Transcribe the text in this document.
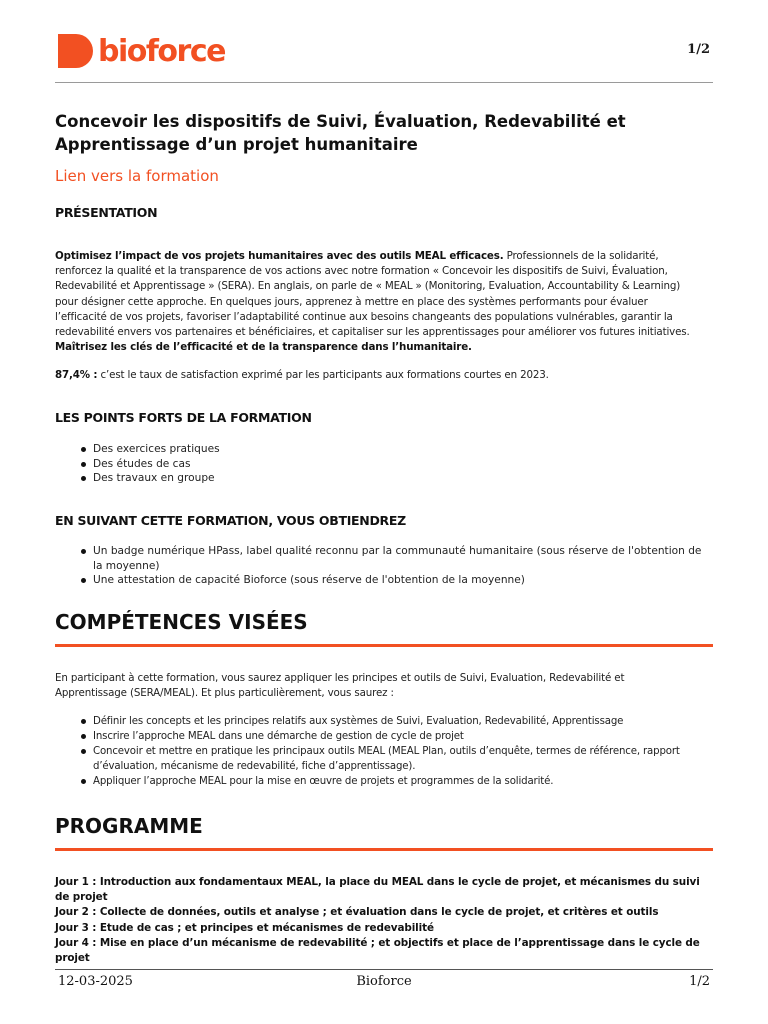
bioforce	1/2
Concevoir les dispositifs de Suivi, Évaluation, Redevabilité et Apprentissage d’un projet humanitaire
Lien vers la formation
PRÉSENTATION

Optimisez l’impact de vos projets humanitaires avec des outils MEAL efficaces. Professionnels de la solidarité, renforcez la qualité et la transparence de vos actions avec notre formation « Concevoir les dispositifs de Suivi, Évaluation, Redevabilité et Apprentissage » (SERA). En anglais, on parle de « MEAL » (Monitoring, Evaluation, Accountability & Learning) pour désigner cette approche. En quelques jours, apprenez à mettre en place des systèmes performants pour évaluer l’efficacité de vos projets, favoriser l’adaptabilité continue aux besoins changeants des populations vulnérables, garantir la redevabilité envers vos partenaires et bénéficiaires, et capitaliser sur les apprentissages pour améliorer vos futures initiatives. Maîtrisez les clés de l’efficacité et de la transparence dans l’humanitaire.

87,4% : c’est le taux de satisfaction exprimé par les participants aux formations courtes en 2023.

LES POINTS FORTS DE LA FORMATION
Des exercices pratiques
Des études de cas
Des travaux en groupe
EN SUIVANT CETTE FORMATION, VOUS OBTIENDREZ
Un badge numérique HPass, label qualité reconnu par la communauté humanitaire (sous réserve de l'obtention de la moyenne)
Une attestation de capacité Bioforce (sous réserve de l'obtention de la moyenne)
COMPÉTENCES VISÉES

En participant à cette formation, vous saurez appliquer les principes et outils de Suivi, Evaluation, Redevabilité et Apprentissage (SERA/MEAL). Et plus particulièrement, vous saurez :

Définir les concepts et les principes relatifs aux systèmes de Suivi, Evaluation, Redevabilité, Apprentissage
Inscrire l’approche MEAL dans une démarche de gestion de cycle de projet
Concevoir et mettre en pratique les principaux outils MEAL (MEAL Plan, outils d’enquête, termes de référence, rapport d’évaluation, mécanisme de redevabilité, fiche d’apprentissage).
Appliquer l’approche MEAL pour la mise en œuvre de projets et programmes de la solidarité.
PROGRAMME
Jour 1 : Introduction aux fondamentaux MEAL, la place du MEAL dans le cycle de projet, et mécanismes du suivi de projet
Jour 2 : Collecte de données, outils et analyse ; et évaluation dans le cycle de projet, et critères et outils
Jour 3 : Etude de cas ; et principes et mécanismes de redevabilité
Jour 4 : Mise en place d’un mécanisme de redevabilité ; et objectifs et place de l’apprentissage dans le cycle de projet
12-03-2025	Bioforce	1/2
